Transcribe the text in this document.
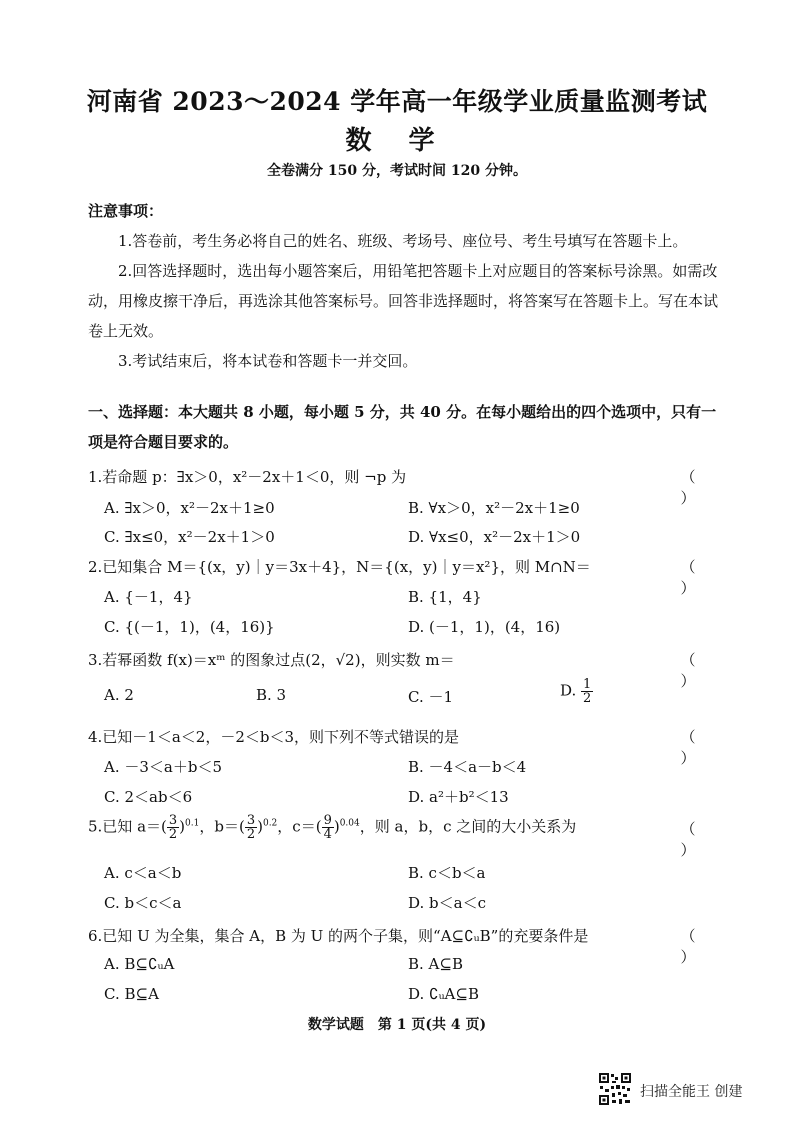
河南省 2023～2024 学年高一年级学业质量监测考试
数 学
全卷满分 150 分，考试时间 120 分钟。
注意事项：

1.答卷前，考生务必将自己的姓名、班级、考场号、座位号、考生号填写在答题卡上。

2.回答选择题时，选出每小题答案后，用铅笔把答题卡上对应题目的答案标号涂黑。如需改动，用橡皮擦干净后，再选涂其他答案标号。回答非选择题时，将答案写在答题卡上。写在本试卷上无效。

3.考试结束后，将本试卷和答题卡一并交回。

一、选择题：本大题共 8 小题，每小题 5 分，共 40 分。在每小题给出的四个选项中，只有一项是符合题目要求的。
1.若命题 p：∃x＞0，x²－2x＋1＜0，则 ¬p 为	（ ）
A. ∃x＞0，x²－2x＋1≥0	B. ∀x＞0，x²－2x＋1≥0
C. ∃x≤0，x²－2x＋1＞0	D. ∀x≤0，x²－2x＋1＞0
2.已知集合 M＝{(x，y)｜y＝3x＋4}，N＝{(x，y)｜y＝x²}，则 M∩N＝	（ ）
A. {－1，4}	B. {1，4}
C. {(－1，1)，(4，16)}	D. (－1，1)，(4，16)
3.若幂函数 f(x)＝xᵐ 的图象过点(2，√2)，则实数 m＝	（ ）
A. 2	B. 3	C. －1	D. $\frac{1}{2}$
4.已知－1＜a＜2，－2＜b＜3，则下列不等式错误的是	（ ）
A. －3＜a＋b＜5	B. －4＜a－b＜4
C. 2＜ab＜6	D. a²＋b²＜13
5.已知 $a=( \frac{3}{2} )^{0.1}$，$b=( \frac{3}{2} )^{0.2}$，$c=( \frac{9}{4} )^{0.04}$，则 a，b，c 之间的大小关系为	（ ）
A. c＜a＜b	B. c＜b＜a
C. b＜c＜a	D. b＜a＜c
6.已知 U 为全集，集合 A，B 为 U 的两个子集，则“A⊆∁ᵤB”的充要条件是	（ ）
A. B⊆∁ᵤA	B. A⊆B
C. B⊆A	D. ∁ᵤA⊆B
数学试题　第 1 页(共 4 页)
扫描全能王 创建
